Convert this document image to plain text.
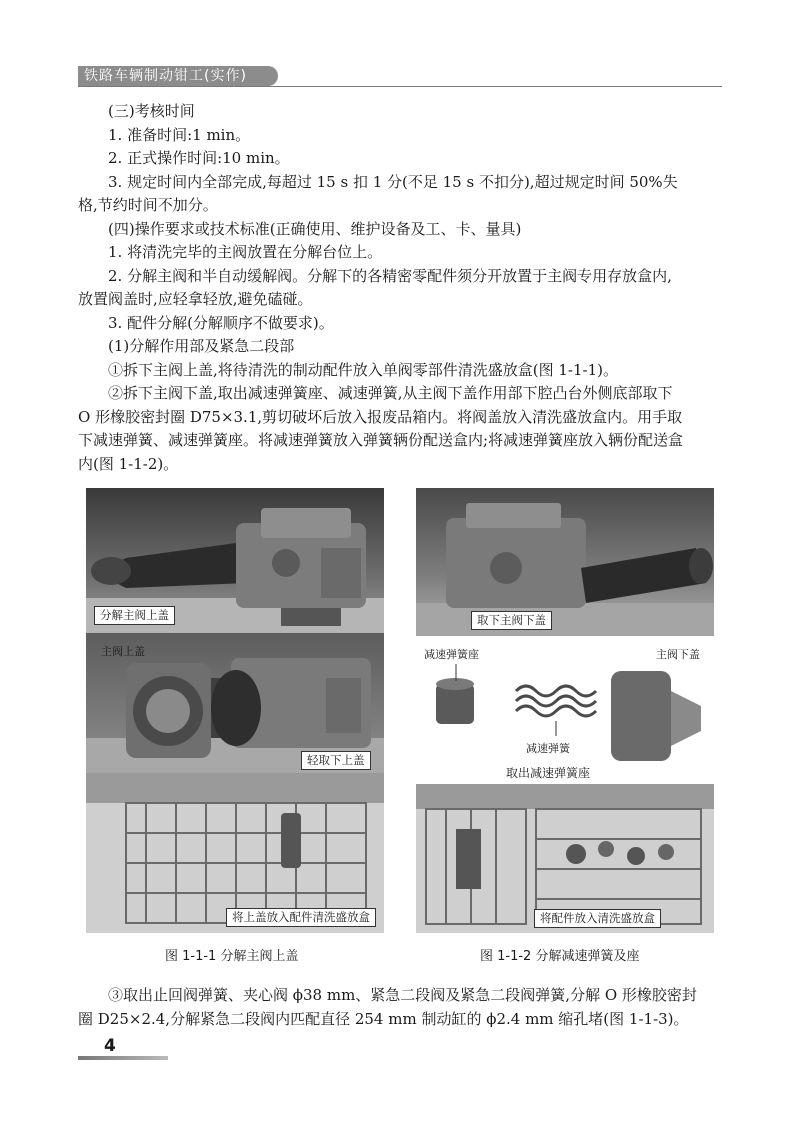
铁路车辆制动钳工(实作)
(三)考核时间
1. 准备时间:1 min。
2. 正式操作时间:10 min。
3. 规定时间内全部完成,每超过 15 s 扣 1 分(不足 15 s 不扣分),超过规定时间 50%失
格,节约时间不加分。
(四)操作要求或技术标准(正确使用、维护设备及工、卡、量具)
1. 将清洗完毕的主阀放置在分解台位上。
2. 分解主阀和半自动缓解阀。分解下的各精密零配件须分开放置于主阀专用存放盒内,
放置阀盖时,应轻拿轻放,避免磕碰。
3. 配件分解(分解顺序不做要求)。
(1)分解作用部及紧急二段部
①拆下主阀上盖,将待清洗的制动配件放入单阀零部件清洗盛放盒(图 1-1-1)。
②拆下主阀下盖,取出减速弹簧座、减速弹簧,从主阀下盖作用部下腔凸台外侧底部取下
O 形橡胶密封圈 D75×3.1,剪切破坏后放入报废品箱内。将阀盖放入清洗盛放盒内。用手取
下减速弹簧、减速弹簧座。将减速弹簧放入弹簧辆份配送盒内;将减速弹簧座放入辆份配送盒
内(图 1-1-2)。
分解主阀上盖
主阀上盖
轻取下上盖
将上盖放入配件清洗盛放盒
取下主阀下盖
减速弹簧座	主阀下盖
减速弹簧
取出减速弹簧座
将配件放入清洗盛放盒
图 1-1-1 分解主阀上盖	图 1-1-2 分解减速弹簧及座
③取出止回阀弹簧、夹心阀 ϕ38 mm、紧急二段阀及紧急二段阀弹簧,分解 O 形橡胶密封
圈 D25×2.4,分解紧急二段阀内匹配直径 254 mm 制动缸的 ϕ2.4 mm 缩孔堵(图 1-1-3)。
4
